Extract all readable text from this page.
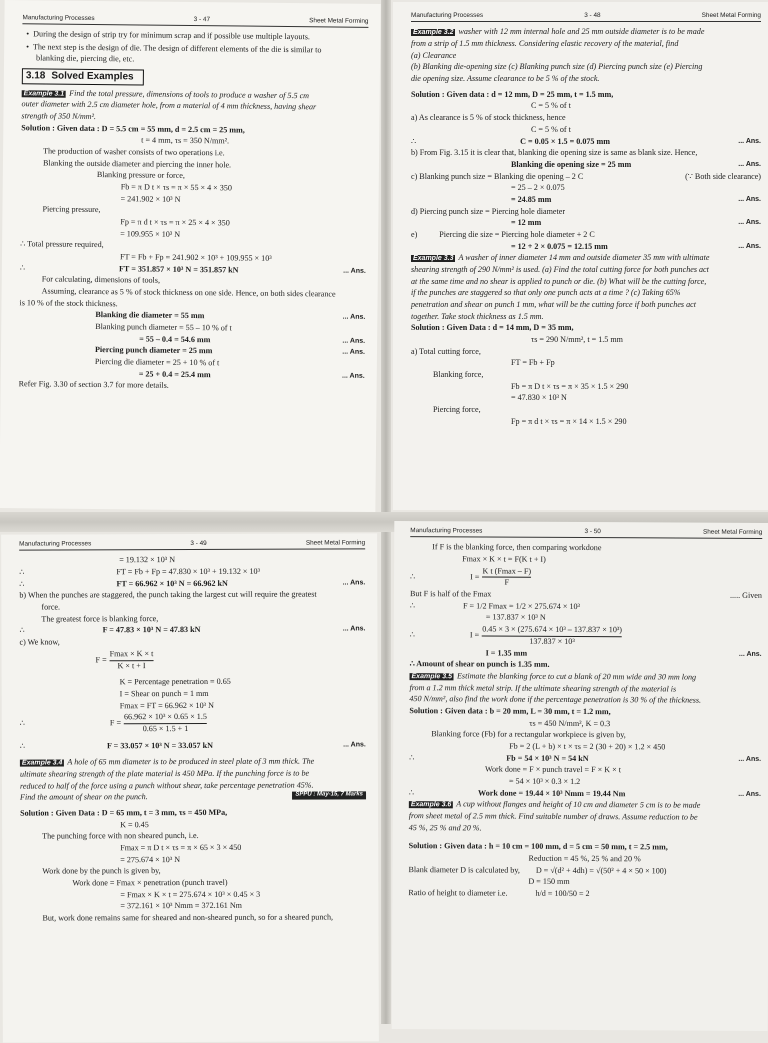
Manufacturing Processes	3 - 47	Sheet Metal Forming
•  During the design of strip try for minimum scrap and if possible use multiple layouts.
•  The next step is the design of die. The design of different elements of the die is similar to
blanking die, piercing die, etc.
3.18 Solved Examples
Example 3.1 Find the total pressure, dimensions of tools to produce a washer of 5.5 cm
outer diameter with 2.5 cm diameter hole, from a material of 4 mm thickness, having shear
strength of 350 N/mm².
Solution : Given data : D = 5.5 cm = 55 mm, d = 2.5 cm = 25 mm,
t = 4 mm, τs = 350 N/mm².
The production of washer consists of two operations i.e.
Blanking the outside diameter and piercing the inner hole.
Blanking pressure or force,
Fb = π D t × τs = π × 55 × 4 × 350
= 241.902 × 10³ N
Piercing pressure,
Fp = π d t × τs = π × 25 × 4 × 350
= 109.955 × 10³ N
∴ Total pressure required,
FT = Fb + Fp = 241.902 × 10³ + 109.955 × 10³
∴	FT = 351.857 × 10³ N = 351.857 kN	... Ans.
For calculating, dimensions of tools,
Assuming, clearance as 5 % of stock thickness on one side. Hence, on both sides clearance
is 10 % of the stock thickness.
Blanking die diameter = 55 mm	... Ans.
Blanking punch diameter = 55 – 10 % of t
= 55 – 0.4 = 54.6 mm	... Ans.
Piercing punch diameter = 25 mm	... Ans.
Piercing die diameter = 25 + 10 % of t
= 25 + 0.4 = 25.4 mm	... Ans.
Refer Fig. 3.30 of section 3.7 for more details.
Manufacturing Processes	3 - 48	Sheet Metal Forming
Example 3.2 washer with 12 mm internal hole and 25 mm outside diameter is to be made
from a strip of 1.5 mm thickness. Considering elastic recovery of the material, find
(a) Clearance
(b) Blanking die-opening size (c) Blanking punch size (d) Piercing punch size (e) Piercing
die opening size. Assume clearance to be 5 % of the stock.
Solution : Given data : d = 12 mm, D = 25 mm, t = 1.5 mm,
C = 5 % of t
a) As clearance is 5 % of stock thickness, hence
C = 5 % of t
∴	C = 0.05 × 1.5 = 0.075 mm	... Ans.
b) From Fig. 3.15 it is clear that, blanking die opening size is same as blank size. Hence,
Blanking die opening size = 25 mm	... Ans.
c) Blanking punch size = Blanking die opening – 2 C	(∵ Both side clearance)
= 25 – 2 × 0.075
= 24.85 mm	... Ans.
d) Piercing punch size = Piercing hole diameter
= 12 mm	... Ans.
e)	Piercing die size = Piercing hole diameter + 2 C
= 12 + 2 × 0.075 = 12.15 mm	... Ans.
Example 3.3 A washer of inner diameter 14 mm and outside diameter 35 mm with ultimate
shearing strength of 290 N/mm² is used. (a) Find the total cutting force for both punches act
at the same time and no shear is applied to punch or die. (b) What will be the cutting force,
if the punches are staggered so that only one punch acts at a time ? (c) Taking 65%
penetration and shear on punch 1 mm, what will be the cutting force if both punches act
together. Take stock thickness as 1.5 mm.
Solution : Given Data : d = 14 mm, D = 35 mm,
τs = 290 N/mm², t = 1.5 mm
a) Total cutting force,
FT = Fb + Fp
Blanking force,
Fb = π D t × τs = π × 35 × 1.5 × 290
= 47.830 × 10³ N
Piercing force,
Fp = π d t × τs = π × 14 × 1.5 × 290
Manufacturing Processes	3 - 49	Sheet Metal Forming
= 19.132 × 10³ N
∴	FT = Fb + Fp = 47.830 × 10³ + 19.132 × 10³
∴	FT = 66.962 × 10³ N = 66.962 kN	... Ans.
b) When the punches are staggered, the punch taking the largest cut will require the greatest
force.
The greatest force is blanking force,
∴	F = 47.83 × 10³ N = 47.83 kN	... Ans.
c) We know,
F =
Fmax × K × t
K × t + I
K = Percentage penetration = 0.65
I = Shear on punch = 1 mm
Fmax = FT = 66.962 × 10³ N
∴	$F = \frac{\text{66.962 × 10³ × 0.65 × 1.5}}{0.65 \times 1.5 + 1}$
∴	F = 33.057 × 10³ N = 33.057 kN	... Ans.
Example 3.4 A hole of 65 mm diameter is to be produced in steel plate of 3 mm thick. The
ultimate shearing strength of the plate material is 450 MPa. If the punching force is to be
reduced to half of the force using a punch without shear, take percentage penetration 45%.
Find the amount of shear on the punch.	SPPU : May-15, 7 Marks
Solution : Given Data : D = 65 mm, t = 3 mm, τs = 450 MPa,
K = 0.45
The punching force with non sheared punch, i.e.
Fmax = π D t × τs = π × 65 × 3 × 450
= 275.674 × 10³ N
Work done by the punch is given by,
Work done = Fmax × penetration (punch travel)
= Fmax × K × t = 275.674 × 10³ × 0.45 × 3
= 372.161 × 10³ Nmm = 372.161 Nm
But, work done remains same for sheared and non-sheared punch, so for a sheared punch,
Manufacturing Processes	3 - 50	Sheet Metal Forming
If F is the blanking force, then comparing workdone
Fmax × K × t = F(K t + I)
∴	I =
K t (Fmax – F)
F
But F is half of the Fmax	..... Given
∴	F = 1/2 Fmax = 1/2 × 275.674 × 10³
= 137.837 × 10³ N
∴	$I = \frac{\text{0.45 × 3 × (275.674 × 10³ – 137.837 × 10³)}}{\text{137.837 × 10³}}$
I = 1.35 mm	... Ans.
∴ Amount of shear on punch is 1.35 mm.
Example 3.5 Estimate the blanking force to cut a blank of 20 mm wide and 30 mm long
from a 1.2 mm thick metal strip. If the ultimate shearing strength of the material is
450 N/mm², also find the work done if the percentage penetration is 30 % of the thickness.
Solution : Given data : b = 20 mm, L = 30 mm, t = 1.2 mm,
τs = 450 N/mm², K = 0.3
Blanking force (Fb) for a rectangular workpiece is given by,
Fb = 2 (L + b) × t × τs = 2 (30 + 20) × 1.2 × 450
∴	Fb = 54 × 10³ N = 54 kN	... Ans.
Work done = F × punch travel = F × K × t
= 54 × 10³ × 0.3 × 1.2
∴	Work done = 19.44 × 10³ Nmm = 19.44 Nm	... Ans.
Example 3.6 A cup without flanges and height of 10 cm and diameter 5 cm is to be made
from sheet metal of 2.5 mm thick. Find suitable number of draws. Assume reduction to be
45 %, 25 % and 20 %.
Solution : Given data : h = 10 cm = 100 mm, d = 5 cm = 50 mm, t = 2.5 mm,
Reduction = 45 %, 25 % and 20 %
Blank diameter D is calculated by, D = √(d² + 4dh) = √(50² + 4 × 50 × 100)
D = 150 mm
Ratio of height to diameter i.e.	h/d = 100/50 = 2
